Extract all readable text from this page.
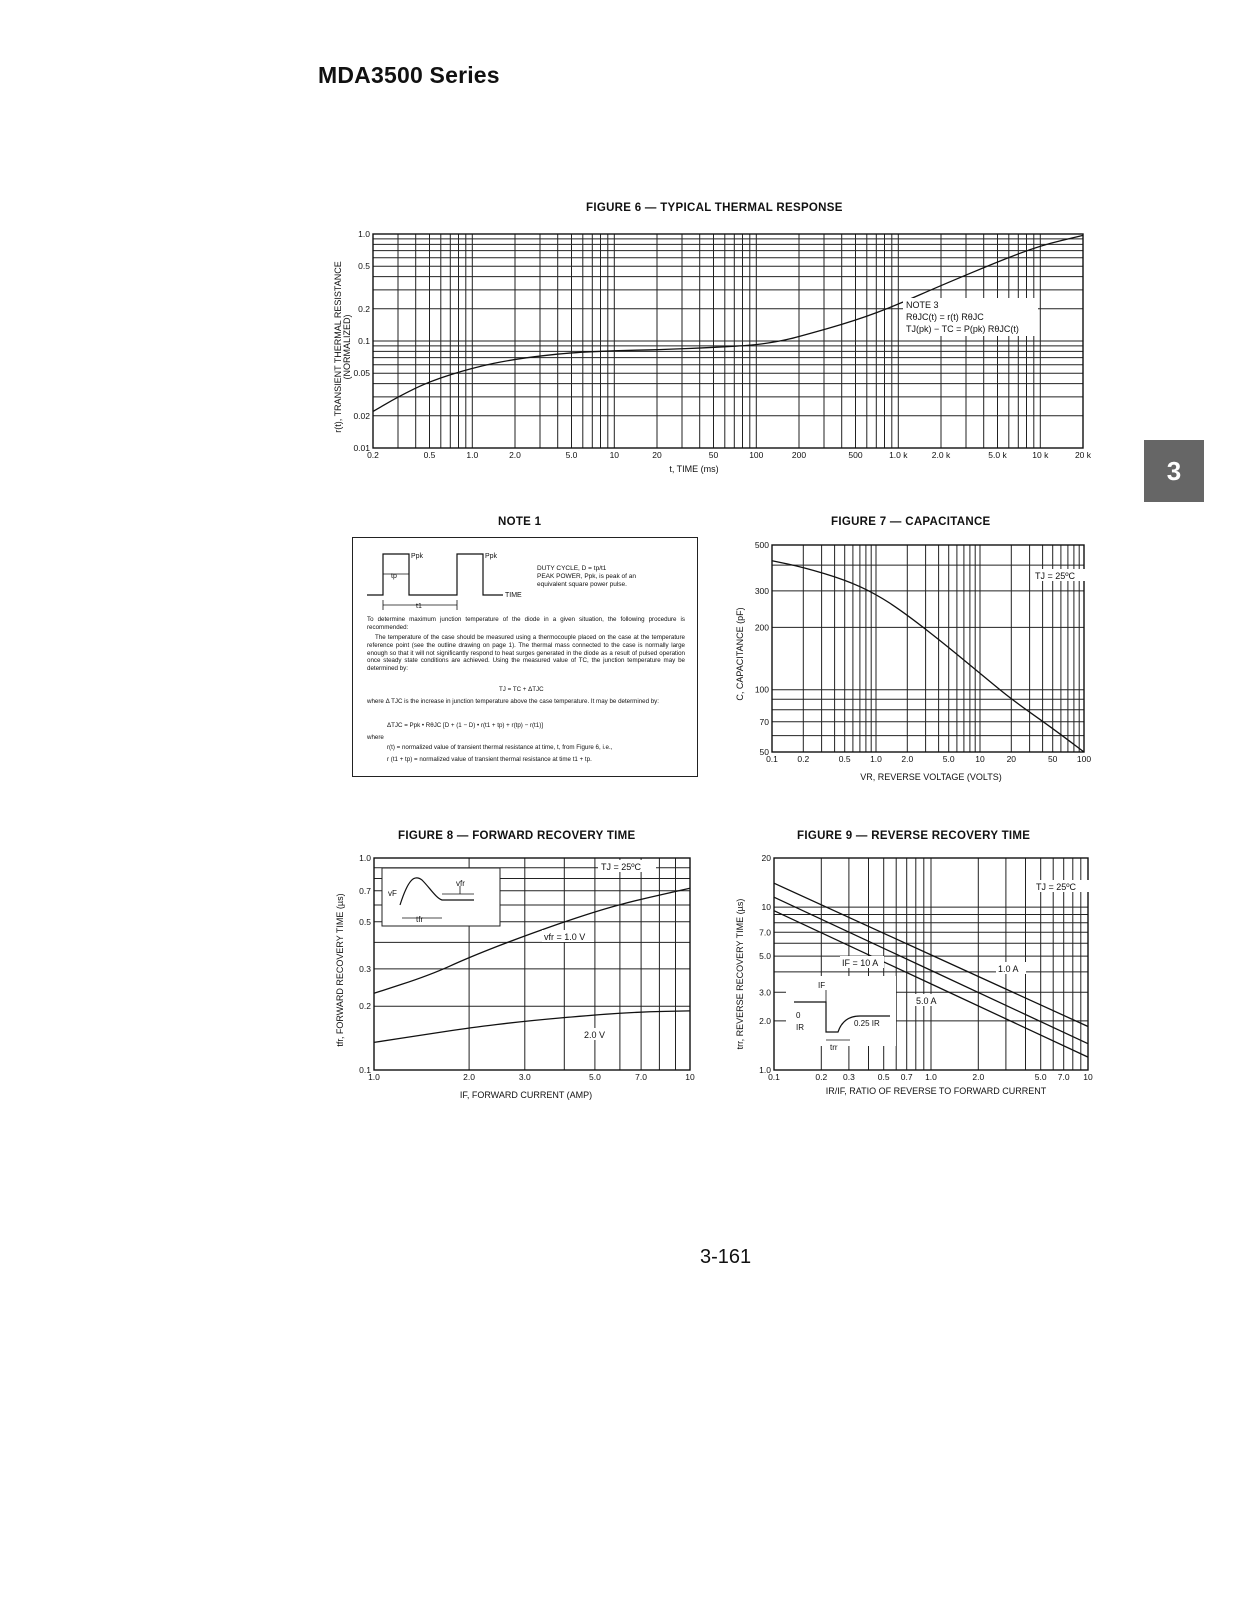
MDA3500 Series
3
FIGURE 6 — TYPICAL THERMAL RESPONSE
NOTE 1	FIGURE 7 — CAPACITANCE
FIGURE 8 — FORWARD RECOVERY TIME	FIGURE 9 — REVERSE RECOVERY TIME
0.2	0.5	1.0	2.0	5.0	10	20	50	100	200	500	1.0 k	2.0 k	5.0 k	10 k	20 k
1.0
0.5
0.2
0.1
0.05
0.02
0.01
t, TIME (ms)
r(t), TRANSIENT THERMAL RESISTANCE (NORMALIZED)
NOTE 3
RθJC(t) = r(t) RθJC
TJ(pk) − TC = P(pk) RθJC(t)
Ppk	Ppk
tp
t1
TIME
DUTY CYCLE, D = tp/t1
PEAK POWER, Ppk, is peak of an
equivalent square power pulse.
To determine maximum junction temperature of the diode in a given situation, the following procedure is recommended:
The temperature of the case should be measured using a thermocouple placed on the case at the temperature reference point (see the outline drawing on page 1). The thermal mass connected to the case is normally large enough so that it will not significantly respond to heat surges generated in the diode as a result of pulsed operation once steady state conditions are achieved. Using the measured value of TC, the junction temperature may be determined by:
TJ = TC + ΔTJC
where Δ TJC is the increase in junction temperature above the case temperature. It may be determined by:
ΔTJC = Ppk • RθJC [D + (1 − D) • r(t1 + tp) + r(tp) − r(t1)]
where
r(t) = normalized value of transient thermal resistance at time, t, from Figure 6, i.e.,
r (t1 + tp) = normalized value of transient thermal resistance at time t1 + tp.	0.1 0.2	0.5 1.0 2.0	5.0 10	20	50 100
500
300
200
100
70
50
VR, REVERSE VOLTAGE (VOLTS)
C, CAPACITANCE (pF)
TJ = 25ºC
1.0	2.0	3.0	5.0	7.0	10
1.0
0.7
0.5
0.3
0.2
0.1
IF, FORWARD CURRENT (AMP)
tfr, FORWARD RECOVERY TIME (µs)
TJ = 25ºC
vfr = 1.0 V
2.0 V
vF
vfr
tfr
0.1	0.2 0.3	0.5 0.7 1.0	2.0	5.0 7.0 10
20
10
7.0
5.0
3.0
2.0
1.0
IR/IF, RATIO OF REVERSE TO FORWARD CURRENT
trr, REVERSE RECOVERY TIME (µs)
TJ = 25ºC
IF = 10 A
5.0 A
1.0 A
IF
0
IR	0.25 IR
trr
3-161
